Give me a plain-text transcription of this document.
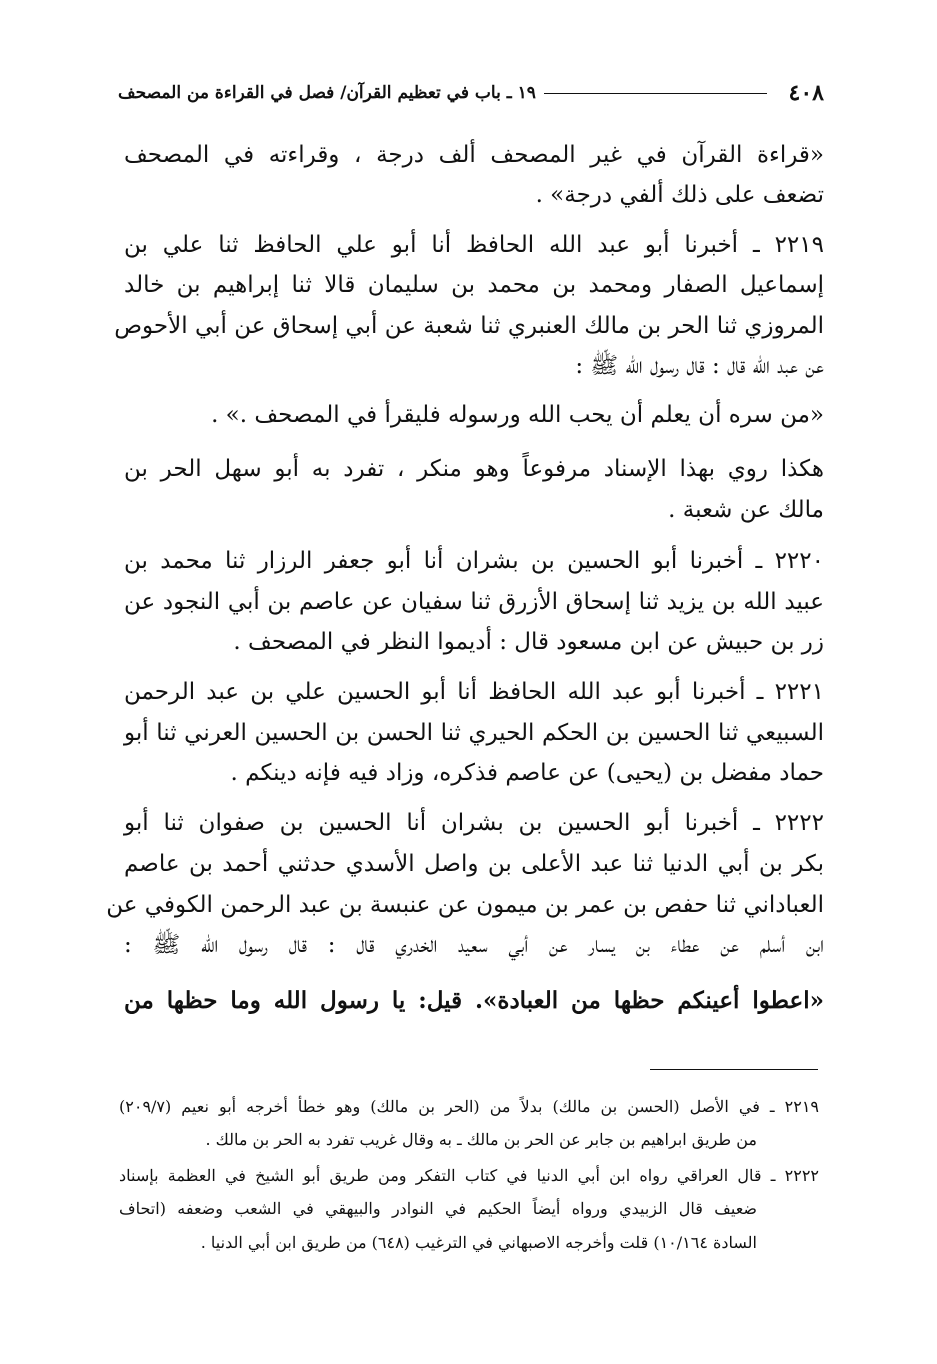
٤٠٨
١٩ ـ باب في تعظيم القرآن/ فصل في القراءة من المصحف
«قراءة القرآن في غير المصحف ألف درجة ، وقراءته في المصحف
تضعف على ذلك ألفي درجة» .
٢٢١٩ ـ أخبرنا أبو عبد الله الحافظ أنا أبو علي الحافظ ثنا علي بن
إسماعيل الصفار ومحمد بن محمد بن سليمان قالا ثنا إبراهيم بن خالد
المروزي ثنا الحر بن مالك العنبري ثنا شعبة عن أبي إسحاق عن أبي الأحوص
عن عبد الله قال : قال رسول الله ﷺ :
«من سره أن يعلم أن يحب الله ورسوله فليقرأ في المصحف .» .
هكذا روي بهذا الإسناد مرفوعاً وهو منكر ، تفرد به أبو سهل الحر بن
مالك عن شعبة .
٢٢٢٠ ـ أخبرنا أبو الحسين بن بشران أنا أبو جعفر الرزار ثنا محمد بن
عبيد الله بن يزيد ثنا إسحاق الأزرق ثنا سفيان عن عاصم بن أبي النجود عن
زر بن حبيش عن ابن مسعود قال : أديموا النظر في المصحف .
٢٢٢١ ـ أخبرنا أبو عبد الله الحافظ أنا أبو الحسين علي بن عبد الرحمن
السبيعي ثنا الحسين بن الحكم الحيري ثنا الحسن بن الحسين العرني ثنا أبو
حماد مفضل بن (يحيى) عن عاصم فذكره، وزاد فيه فإنه دينكم .
٢٢٢٢ ـ أخبرنا أبو الحسين بن بشران أنا الحسين بن صفوان ثنا أبو
بكر بن أبي الدنيا ثنا عبد الأعلى بن واصل الأسدي حدثني أحمد بن عاصم
العباداني ثنا حفص بن عمر بن ميمون عن عنبسة بن عبد الرحمن الكوفي عن
ابن أسلم عن عطاء بن يسار عن أبي سعيد الخدري قال : قال رسول الله ﷺ :
«اعطوا أعينكم حظها من العبادة». قيل: يا رسول الله وما حظها من
٢٢١٩ ـ في الأصل (الحسن بن مالك) بدلاً من (الحر بن مالك) وهو خطأ أخرجه أبو نعيم (٢٠٩/٧)
من طريق ابراهيم بن جابر عن الحر بن مالك ـ به وقال غريب تفرد به الحر بن مالك .
٢٢٢٢ ـ قال العراقي رواه ابن أبي الدنيا في كتاب التفكر ومن طريق أبو الشيخ في العظمة بإسناد
ضعيف قال الزبيدي ورواه أيضاً الحكيم في النوادر والبيهقي في الشعب وضعفه (اتحاف
السادة ١٠/١٦٤) قلت وأخرجه الاصبهاني في الترغيب (٦٤٨) من طريق ابن أبي الدنيا .
